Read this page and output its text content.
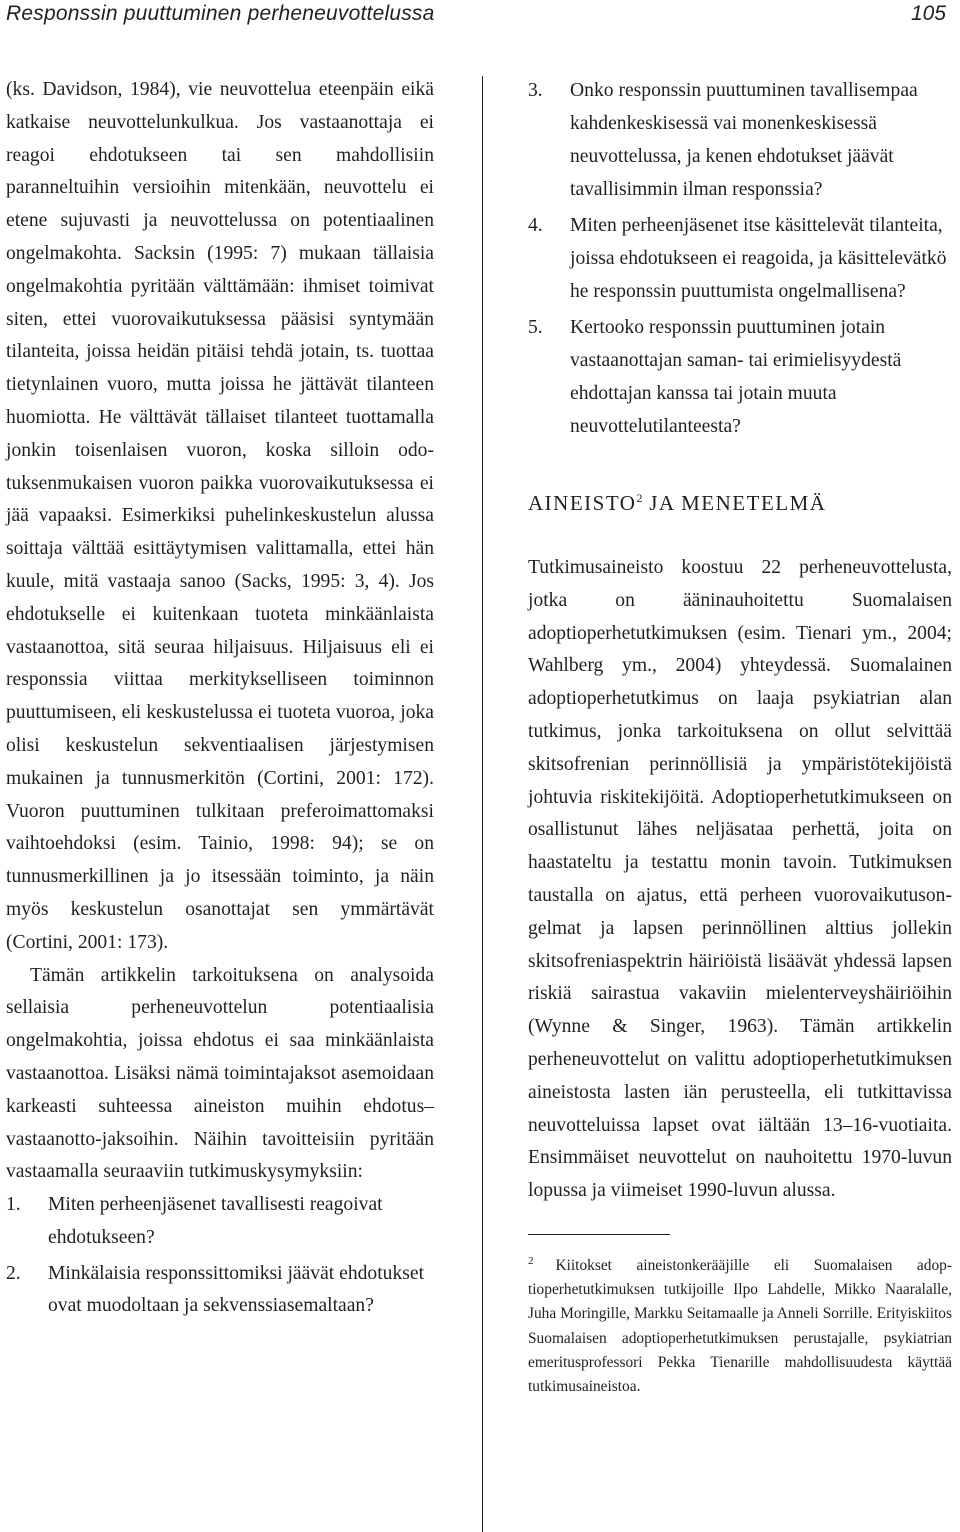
Responssin puuttuminen perheneuvottelussa	105

(ks. Davidson, 1984), vie neuvottelua eteenpäin eikä katkaise neuvottelunkulkua. Jos vastaanottaja ei reagoi ehdotukseen tai sen mahdollisiin paranneltuihin versioihin mitenkään, neuvottelu ei etene sujuvasti ja neuvottelussa on potentiaalinen ongelmakohta. Sacksin (1995: 7) mukaan tällaisia ongelmakohtia pyritään välttämään: ihmiset toimivat siten, ettei vuorovaikutuksessa pääsisi syntymään tilanteita, joissa heidän pitäisi tehdä jotain, ts. tuottaa tietynlainen vuoro, mutta joissa he jättävät tilanteen huomiotta. He välttävät tällaiset tilanteet tuottamalla jonkin toisenlaisen vuoron, koska silloin odotuksenmukaisen vuoron paikka vuorovaikutuksessa ei jää vapaaksi. Esimerkiksi puhelinkeskustelun alussa soittaja välttää esittäytymisen valittamalla, ettei hän kuule, mitä vastaaja sanoo (Sacks, 1995: 3, 4). Jos ehdotukselle ei kuitenkaan tuoteta minkäänlaista vastaanottoa, sitä seuraa hiljaisuus. Hiljaisuus eli ei responssia viittaa merkitykselliseen toiminnon puuttumiseen, eli keskustelussa ei tuoteta vuoroa, joka olisi keskustelun sekventiaalisen järjestymisen mukainen ja tunnusmerkitön (Cortini, 2001: 172). Vuoron puuttuminen tulkitaan preferoimattomaksi vaihtoehdoksi (esim. Tainio, 1998: 94); se on tunnusmerkillinen ja jo itsessään toiminto, ja näin myös keskustelun osanottajat sen ymmärtävät (Cortini, 2001: 173).

Tämän artikkelin tarkoituksena on analysoida sellaisia perheneuvottelun potentiaalisia ongelmakohtia, joissa ehdotus ei saa minkäänlaista vastaanottoa. Lisäksi nämä toimintajaksot asemoidaan karkeasti suhteessa aineiston muihin ehdotus–vastaanotto-jaksoihin. Näihin tavoitteisiin pyritään vastaamalla seuraaviin tutkimuskysymyksiin:

1. Miten perheenjäsenet tavallisesti reagoivat ehdotukseen?
2. Minkälaisia responssittomiksi jäävät ehdotukset ovat muodoltaan ja sekvenssiasemaltaan?
3. Onko responssin puuttuminen tavallisempaa kahdenkeskisessä vai monenkeskisessä neuvottelussa, ja kenen ehdotukset jäävät tavallisimmin ilman responssia?
4. Miten perheenjäsenet itse käsittelevät tilanteita, joissa ehdotukseen ei reagoida, ja käsittelevätkö he responssin puuttumista ongelmallisena?
5. Kertooko responssin puuttuminen jotain vastaanottajan saman- tai erimielisyydestä ehdottajan kanssa tai jotain muuta neuvottelutilanteesta?
AINEISTO$^2$ JA MENETELMÄ

Tutkimusaineisto koostuu 22 perheneuvottelusta, jotka on ääninauhoitettu Suomalaisen adoptioperhetutkimuksen (esim. Tienari ym., 2004; Wahlberg ym., 2004) yhteydessä. Suomalainen adoptioperhetutkimus on laaja psykiatrian alan tutkimus, jonka tarkoituksena on ollut selvittää skitsofrenian perinnöllisiä ja ympäristötekijöistä johtuvia riskitekijöitä. Adoptioperhetutkimukseen on osallistunut lähes neljäsataa perhettä, joita on haastateltu ja testattu monin tavoin. Tutkimuksen taustalla on ajatus, että perheen vuorovaikutusongelmat ja lapsen perinnöllinen alttius jollekin skitsofreniaspektrin häiriöistä lisäävät yhdessä lapsen riskiä sairastua vakaviin mielenterveyshäiriöihin (Wynne & Singer, 1963). Tämän artikkelin perheneuvottelut on valittu adoptioperhetutkimuksen aineistosta lasten iän perusteella, eli tutkittavissa neuvotteluissa lapset ovat iältään 13–16-vuotiaita. Ensimmäiset neuvottelut on nauhoitettu 1970-luvun lopussa ja viimeiset 1990-luvun alussa.

$^2$ Kiitokset aineistonkerääjille eli Suomalaisen adoptioperhetutkimuksen tutkijoille Ilpo Lahdelle, Mikko Naaralalle, Juha Moringille, Markku Seitamaalle ja Anneli Sorrille. Erityiskiitos Suomalaisen adoptioperhetutkimuksen perustajalle, psykiatrian emeritusprofessori Pekka Tienarille mahdollisuudesta käyttää tutkimusaineistoa.
